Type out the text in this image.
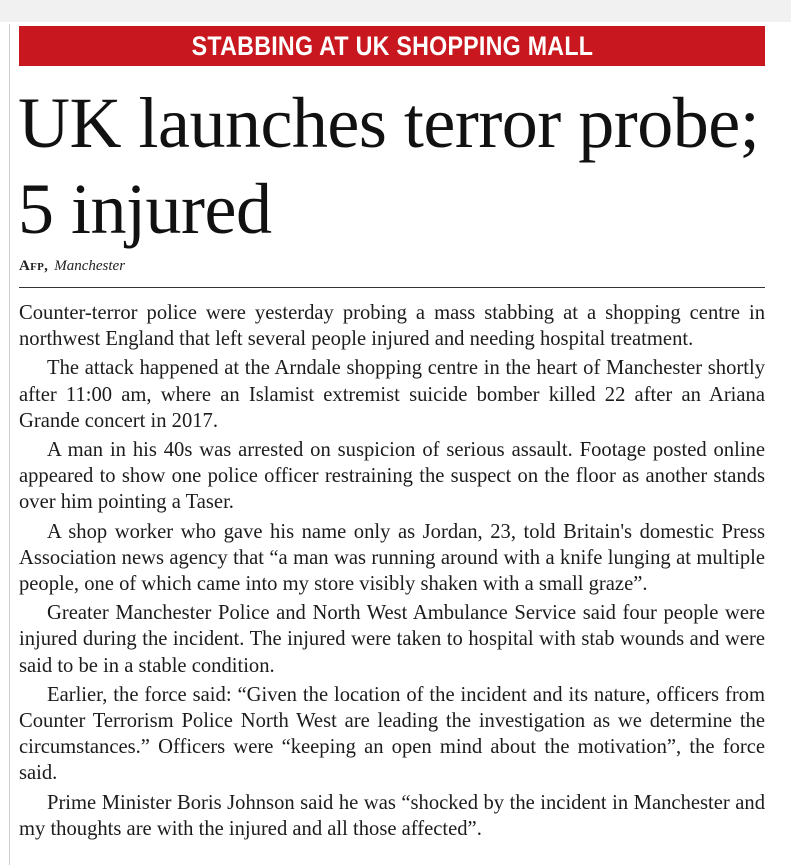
STABBING AT UK SHOPPING MALL
UK launches terror probe; 5 injured
Afp, Manchester

Counter-terror police were yesterday probing a mass stabbing at a shopping centre in northwest England that left several people injured and needing hospital treatment.

The attack happened at the Arndale shopping centre in the heart of Manchester shortly after 11:00 am, where an Islamist extremist suicide bomber killed 22 after an Ariana Grande concert in 2017.

A man in his 40s was arrested on suspicion of serious assault. Footage posted online appeared to show one police officer restraining the suspect on the floor as another stands over him pointing a Taser.

A shop worker who gave his name only as Jordan, 23, told Britain's domestic Press Association news agency that “a man was running around with a knife lunging at multiple people, one of which came into my store visibly shaken with a small graze”.

Greater Manchester Police and North West Ambulance Service said four people were injured during the incident. The injured were taken to hospital with stab wounds and were said to be in a stable condition.

Earlier, the force said: “Given the location of the incident and its nature, officers from Counter Terrorism Police North West are leading the investigation as we determine the circumstances.” Officers were “keeping an open mind about the motivation”, the force said.

Prime Minister Boris Johnson said he was “shocked by the incident in Manchester and my thoughts are with the injured and all those affected”.
